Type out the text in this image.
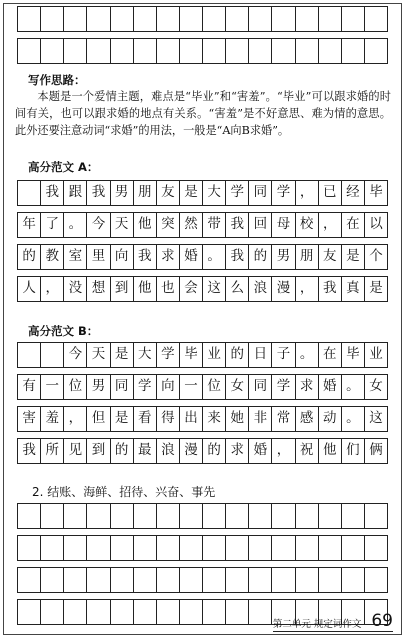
写作思路：

本题是一个爱情主题，难点是“毕业”和“害羞”。“毕业”可以跟求婚的时间有关，也可以跟求婚的地点有关系。“害羞”是不好意思、难为情的意思。此外还要注意动词“求婚”的用法，一般是“A向B求婚”。

高分范文 A：
	我	跟	我	男	朋	友	是	大	学	同	学	，	已	经	毕

年	了	。	今	天	他	突	然	带	我	回	母	校	，	在	以

的	教	室	里	向	我	求	婚	。	我	的	男	朋	友	是	个

人	，	没	想	到	他	也	会	这	么	浪	漫	，	我	真	是
高分范文 B：
		今	天	是	大	学	毕	业	的	日	子	。	在	毕	业

有	一	位	男	同	学	向	一	位	女	同	学	求	婚	。	女

害	羞	，	但	是	看	得	出	来	她	非	常	感	动	。	这

我	所	见	到	的	最	浪	漫	的	求	婚	，	祝	他	们	俩
2. 结账、海鲜、招待、兴奋、事先

第二单元 规定词作文 69
